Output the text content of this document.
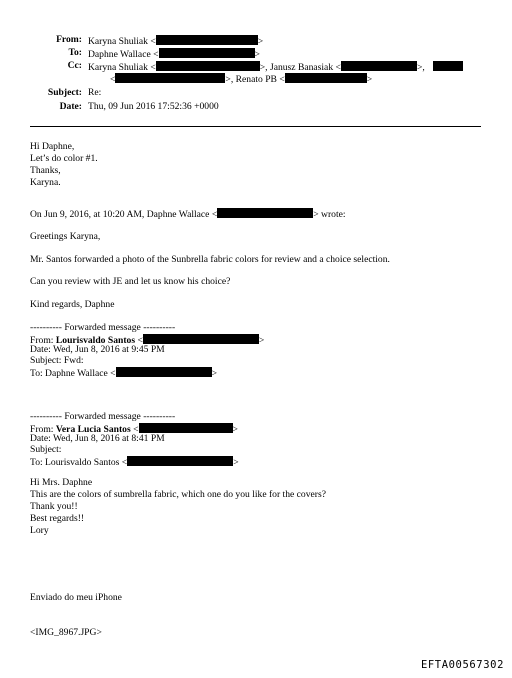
From: Karyna Shuliak <	>
To: Daphne Wallace <	>
Cc: Karyna Shuliak <	>, Janusz Banasiak <	>,
<	>, Renato PB <	>
Subject: Re:
Date: Thu, 09 Jun 2016 17:52:36 +0000
Hi Daphne,
Let’s do color #1.
Thanks,
Karyna.
On Jun 9, 2016, at 10:20 AM, Daphne Wallace <	> wrote:
Greetings Karyna,
Mr. Santos forwarded a photo of the Sunbrella fabric colors for review and a choice selection.
Can you review with JE and let us know his choice?
Kind regards, Daphne
---------- Forwarded message ----------
From: Lourisvaldo Santos <	>
Date: Wed, Jun 8, 2016 at 9:45 PM
Subject: Fwd:
To: Daphne Wallace <	>
---------- Forwarded message ----------
From: Vera Lucia Santos <	>
Date: Wed, Jun 8, 2016 at 8:41 PM
Subject:
To: Lourisvaldo Santos <	>
Hi Mrs. Daphne
This are the colors of sumbrella fabric, which one do you like for the covers?
Thank you!!
Best regards!!
Lory
Enviado do meu iPhone
<IMG_8967.JPG>
EFTA00567302
